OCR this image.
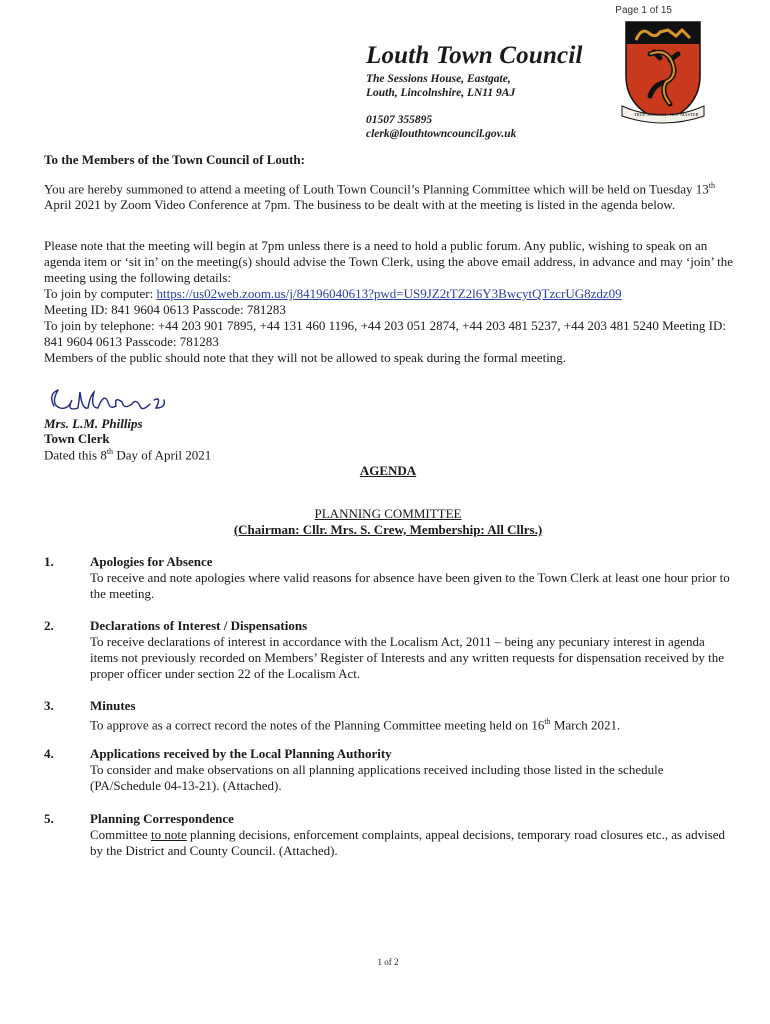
Page 1 of 15
Louth Town Council
The Sessions House, Eastgate,
Louth, Lincolnshire, LN11 9AJ
01507 355895
clerk@louthtowncouncil.gov.uk
TRUE SERVANT NOT MASTER
To the Members of the Town Council of Louth:

You are hereby summoned to attend a meeting of Louth Town Council’s Planning Committee which will be held on Tuesday 13th April 2021 by Zoom Video Conference at 7pm. The business to be dealt with at the meeting is listed in the agenda below.

Please note that the meeting will begin at 7pm unless there is a need to hold a public forum. Any public, wishing to speak on an agenda item or ‘sit in’ on the meeting(s) should advise the Town Clerk, using the above email address, in advance and may ‘join’ the meeting using the following details:

To join by computer: https://us02web.zoom.us/j/84196040613?pwd=US9JZ2tTZ2l6Y3BwcytQTzcrUG8zdz09

Meeting ID: 841 9604 0613 Passcode: 781283

To join by telephone: +44 203 901 7895, +44 131 460 1196, +44 203 051 2874, +44 203 481 5237, +44 203 481 5240 Meeting ID: 841 9604 0613 Passcode: 781283

Members of the public should note that they will not be allowed to speak during the formal meeting.

Mrs. L.M. Phillips
Town Clerk
Dated this 8th Day of April 2021
AGENDA
PLANNING COMMITTEE
(Chairman: Cllr. Mrs. S. Crew, Membership: All Cllrs.)
1.	Apologies for Absence
To receive and note apologies where valid reasons for absence have been given to the Town Clerk at least one hour prior to the meeting.
2.	Declarations of Interest / Dispensations
To receive declarations of interest in accordance with the Localism Act, 2011 – being any pecuniary interest in agenda items not previously recorded on Members’ Register of Interests and any written requests for dispensation received by the proper officer under section 22 of the Localism Act.
3.	Minutes
To approve as a correct record the notes of the Planning Committee meeting held on 16th March 2021.
4.	Applications received by the Local Planning Authority
To consider and make observations on all planning applications received including those listed in the schedule (PA/Schedule 04-13-21). (Attached).
5.	Planning Correspondence
Committee to note planning decisions, enforcement complaints, appeal decisions, temporary road closures etc., as advised by the District and County Council. (Attached).
1 of 2
